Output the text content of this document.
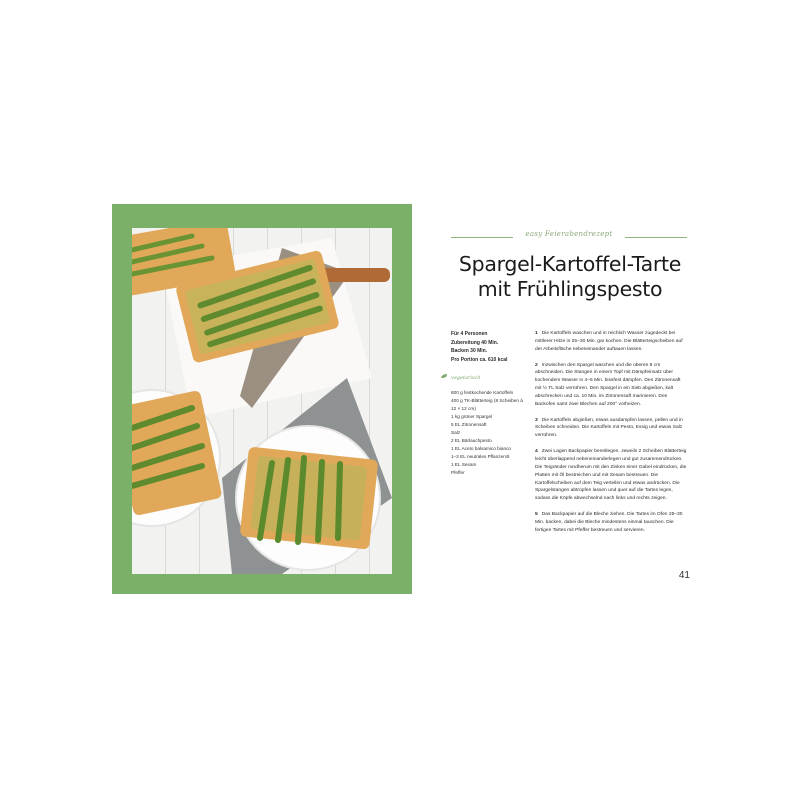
easy Feierabendrezept
Spargel-Kartoffel-Tarte
mit Frühlingspesto
Für 4 Personen
Zubereitung 40 Min.
Backen 30 Min.
Pro Portion ca. 610 kcal
vegetarisch
800 g festkochende Kartoffeln
400 g TK-Blätterteig (8 Scheiben à
12 × 12 cm)
1 kg grüner Spargel
5 EL Zitronensaft
Salz
2 EL Bärlauchpesto
1 EL Aceto balsamico bianco
1–2 EL neutrales Pflanzenöl
1 EL Sesam
Pfeffer

1 Die Kartoffeln waschen und in reichlich Wasser zugedeckt bei mittlerer Hitze in 25–30 Min. gar kochen. Die Blätterteigscheiben auf der Arbeitsfläche nebeneinander auftauen lassen.

2 Inzwischen den Spargel waschen und die oberen 8 cm abschneiden. Die Stangen in einem Topf mit Dämpfeinsatz über kochendem Wasser in 4–5 Min. bissfest dämpfen. Den Zitronensaft mit ½ TL Salz verrühren. Den Spargel in ein Sieb abgießen, kalt abschrecken und ca. 10 Min. im Zitronensaft marinieren. Den Backofen samt zwei Blechen auf 200° vorheizen.

3 Die Kartoffeln abgießen, etwas ausdampfen lassen, pellen und in Scheiben schneiden. Die Kartoffeln mit Pesto, Essig und etwas Salz verrühren.

4 Zwei Lagen Backpapier bereitlegen. Jeweils 2 Scheiben Blätterteig leicht überlappend nebeneinanderlegen und gut zusammendrücken. Die Teigränder rundherum mit den Zinken einer Gabel eindrücken, die Platten mit Öl bestreichen und mit Sesam bestreuen. Die Kartoffelscheiben auf dem Teig verteilen und etwas andrücken. Die Spargelstangen abtropfen lassen und quer auf die Tartes legen, sodass die Köpfe abwechselnd nach links und rechts zeigen.

5 Das Backpapier auf die Bleche ziehen. Die Tartes im Ofen 25–30 Min. backen, dabei die Bleche mindestens einmal tauschen. Die fertigen Tartes mit Pfeffer bestreuen und servieren.

41
